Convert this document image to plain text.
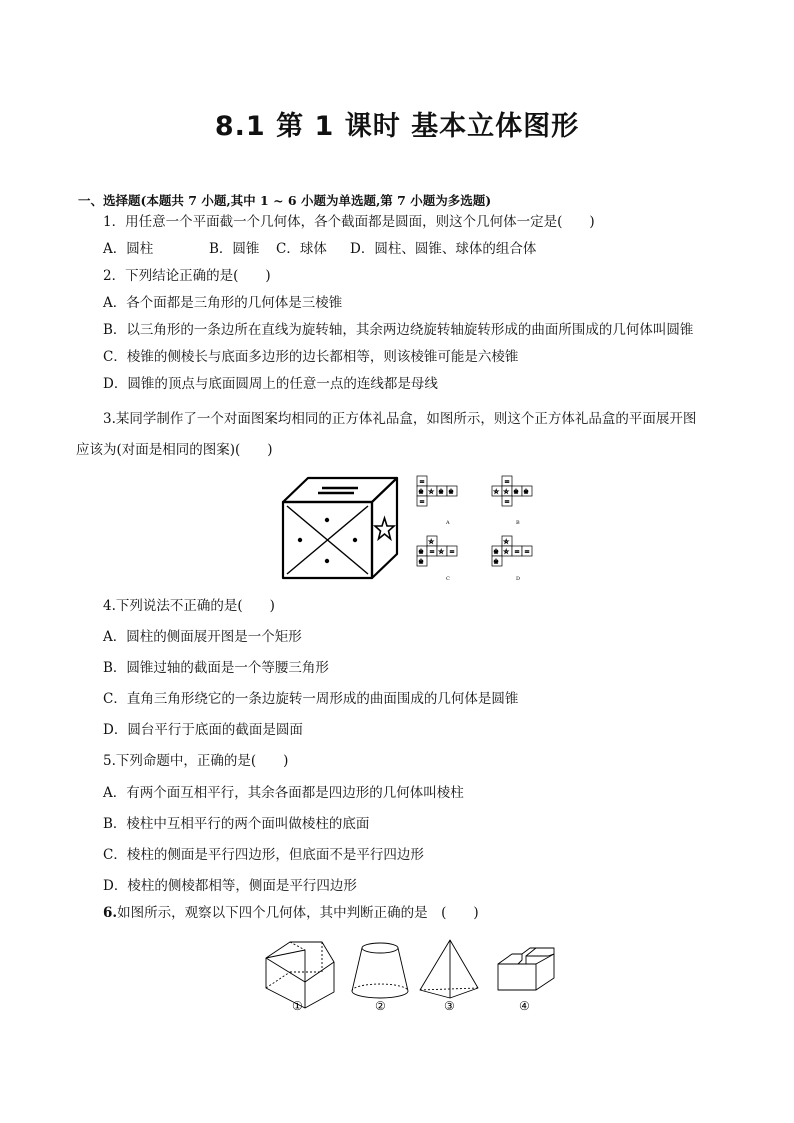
8.1 第 1 课时 基本立体图形
一、选择题(本题共 7 小题,其中 1 ~ 6 小题为单选题,第 7 小题为多选题)
1．用任意一个平面截一个几何体，各个截面都是圆面，则这个几何体一定是(　　)
A．圆柱	B．圆锥 C．球体 D．圆柱、圆锥、球体的组合体
2．下列结论正确的是(　　)
A．各个面都是三角形的几何体是三棱锥
B．以三角形的一条边所在直线为旋转轴，其余两边绕旋转轴旋转形成的曲面所围成的几何体叫圆锥
C．棱锥的侧棱长与底面多边形的边长都相等，则该棱锥可能是六棱锥
D．圆锥的顶点与底面圆周上的任意一点的连线都是母线
3.某同学制作了一个对面图案均相同的正方体礼品盒，如图所示，则这个正方体礼品盒的平面展开图
应该为(对面是相同的图案)(　　)
=
※ ☆ ※ ※
=
=
☆ ☆ ※ ※
=
☆
※ = ☆ =
※
☆
※ ☆ = =
※
A	B
C	D
4.下列说法不正确的是(　　)
A．圆柱的侧面展开图是一个矩形
B．圆锥过轴的截面是一个等腰三角形
C．直角三角形绕它的一条边旋转一周形成的曲面围成的几何体是圆锥
D．圆台平行于底面的截面是圆面
5.下列命题中，正确的是(　　)
A．有两个面互相平行，其余各面都是四边形的几何体叫棱柱
B．棱柱中互相平行的两个面叫做棱柱的底面
C．棱柱的侧面是平行四边形，但底面不是平行四边形
D．棱柱的侧棱都相等，侧面是平行四边形
6.如图所示，观察以下四个几何体，其中判断正确的是　(　　)
①	②	③	④
